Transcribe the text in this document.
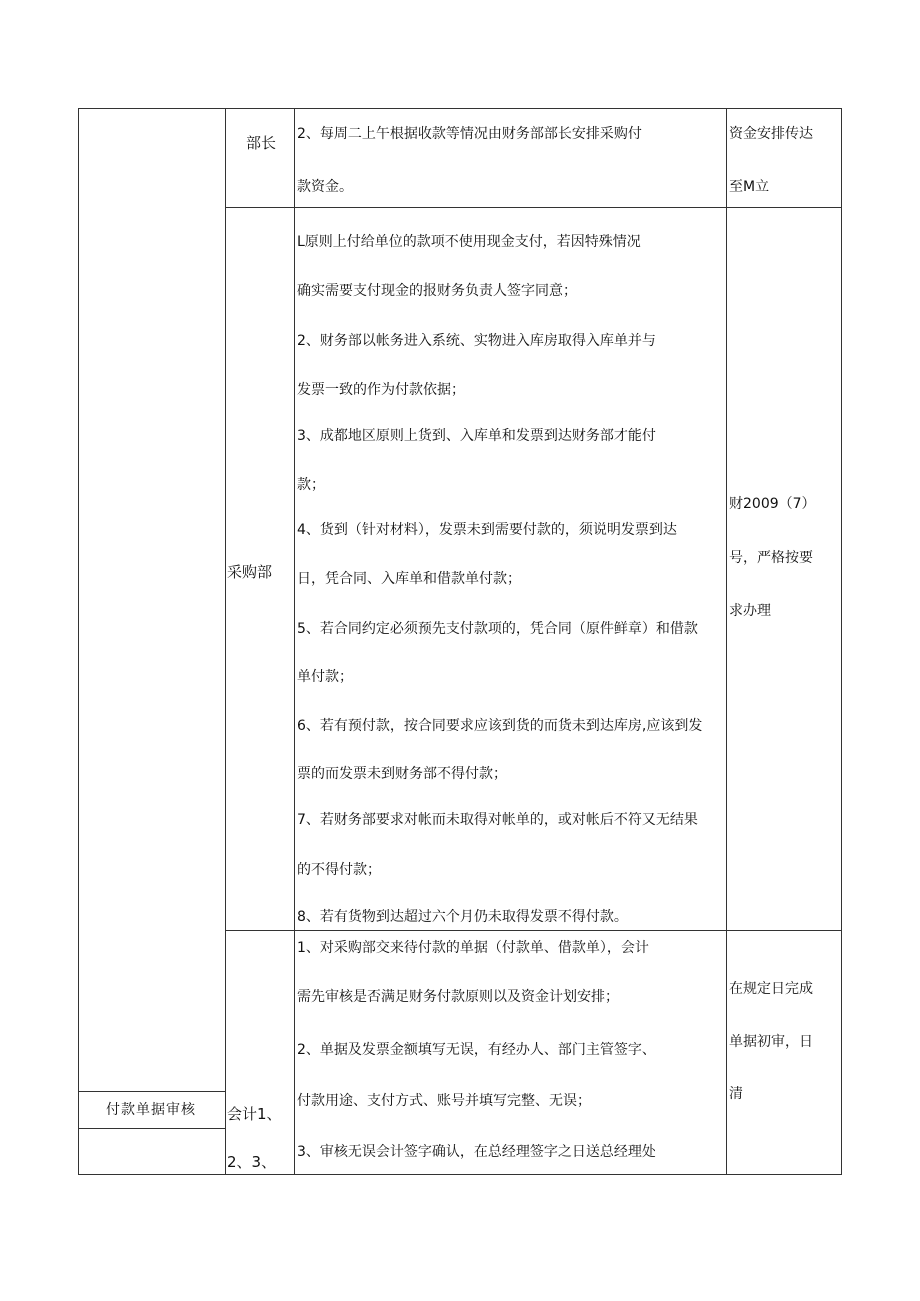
付款单据审核
部长 2、每周二上午根据收款等情况由财务部部长安排采购付
款资金。
资金安排传达
至M立
采购部
L原则上付给单位的款项不使用现金支付，若因特殊情况
确实需要支付现金的报财务负责人签字同意；
2、财务部以帐务进入系统、实物进入库房取得入库单并与
发票一致的作为付款依据；
3、成都地区原则上货到、入库单和发票到达财务部才能付
款；
4、货到（针对材料），发票未到需要付款的，须说明发票到达
日，凭合同、入库单和借款单付款；
5、若合同约定必须预先支付款项的，凭合同（原件鲜章）和借款
单付款；
6、若有预付款，按合同要求应该到货的而货未到达库房,应该到发
票的而发票未到财务部不得付款；
7、若财务部要求对帐而未取得对帐单的，或对帐后不符又无结果
的不得付款；
8、若有货物到达超过六个月仍未取得发票不得付款。
财2009（7）
号，严格按要
求办理
会计1、
2、3、
1、对采购部交来待付款的单据（付款单、借款单），会计
需先审核是否满足财务付款原则以及资金计划安排；
2、单据及发票金额填写无误，有经办人、部门主管签字、
付款用途、支付方式、账号并填写完整、无误；
3、审核无误会计签字确认，在总经理签字之日送总经理处
在规定日完成
单据初审，日
清
